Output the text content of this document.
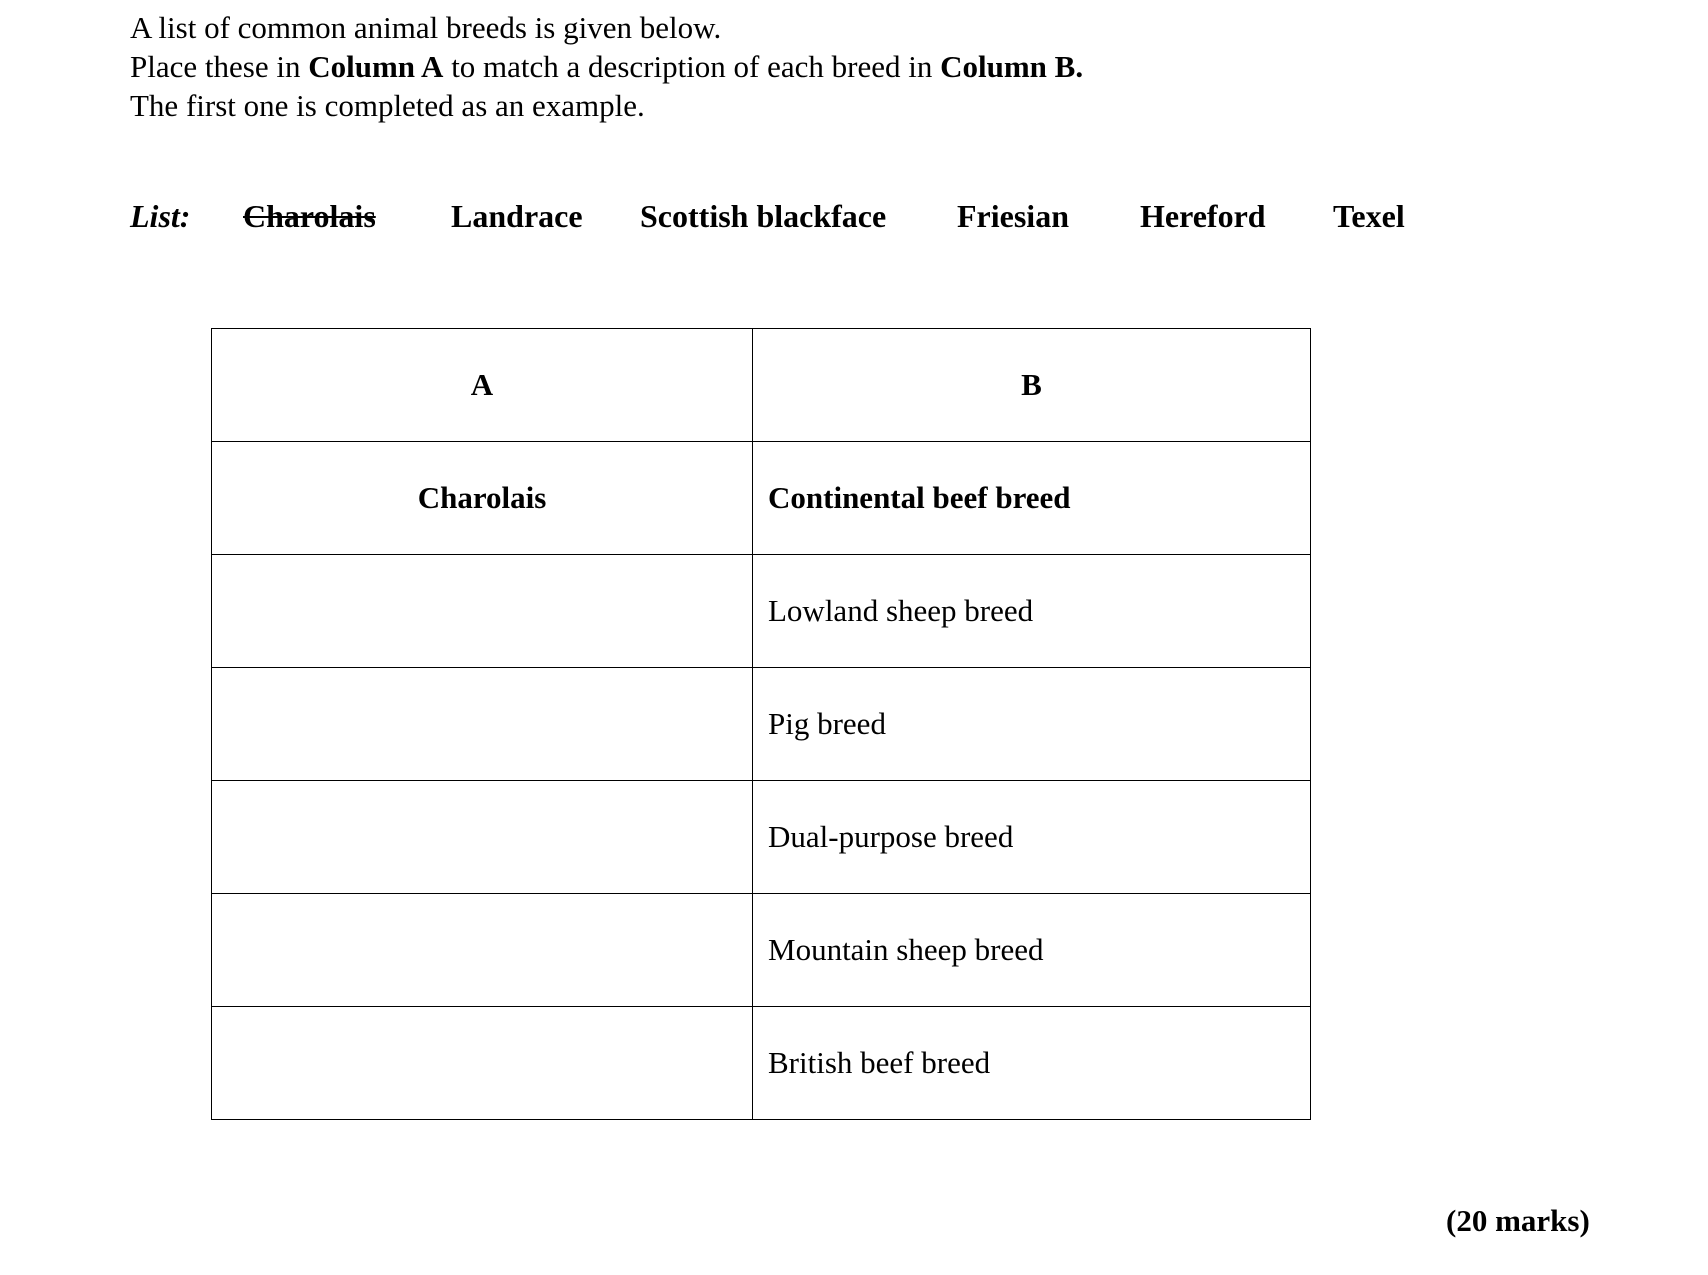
A list of common animal breeds is given below.

Place these in Column A to match a description of each breed in Column B.

The first one is completed as an example.

List: Charolais Landrace Scottish blackface Friesian Hereford Texel
A	B
Charolais	Continental beef breed
	Lowland sheep breed
	Pig breed
	Dual-purpose breed
	Mountain sheep breed
	British beef breed
(20 marks)
